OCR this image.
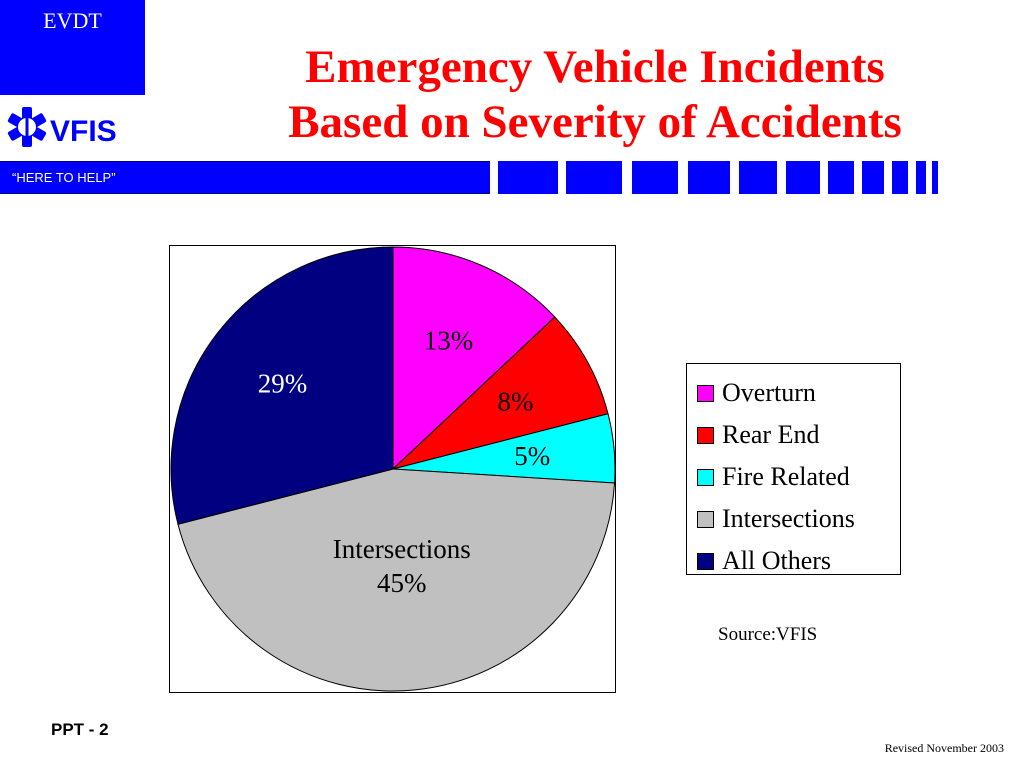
EVDT
VFIS
Emergency Vehicle Incidents
Based on Severity of Accidents
“HERE TO HELP”
13%
8%
5%
Intersections
45%
29%	Overturn
Rear End
Fire Related
Intersections
All Others
Source:VFIS
PPT - 2
Revised November 2003
